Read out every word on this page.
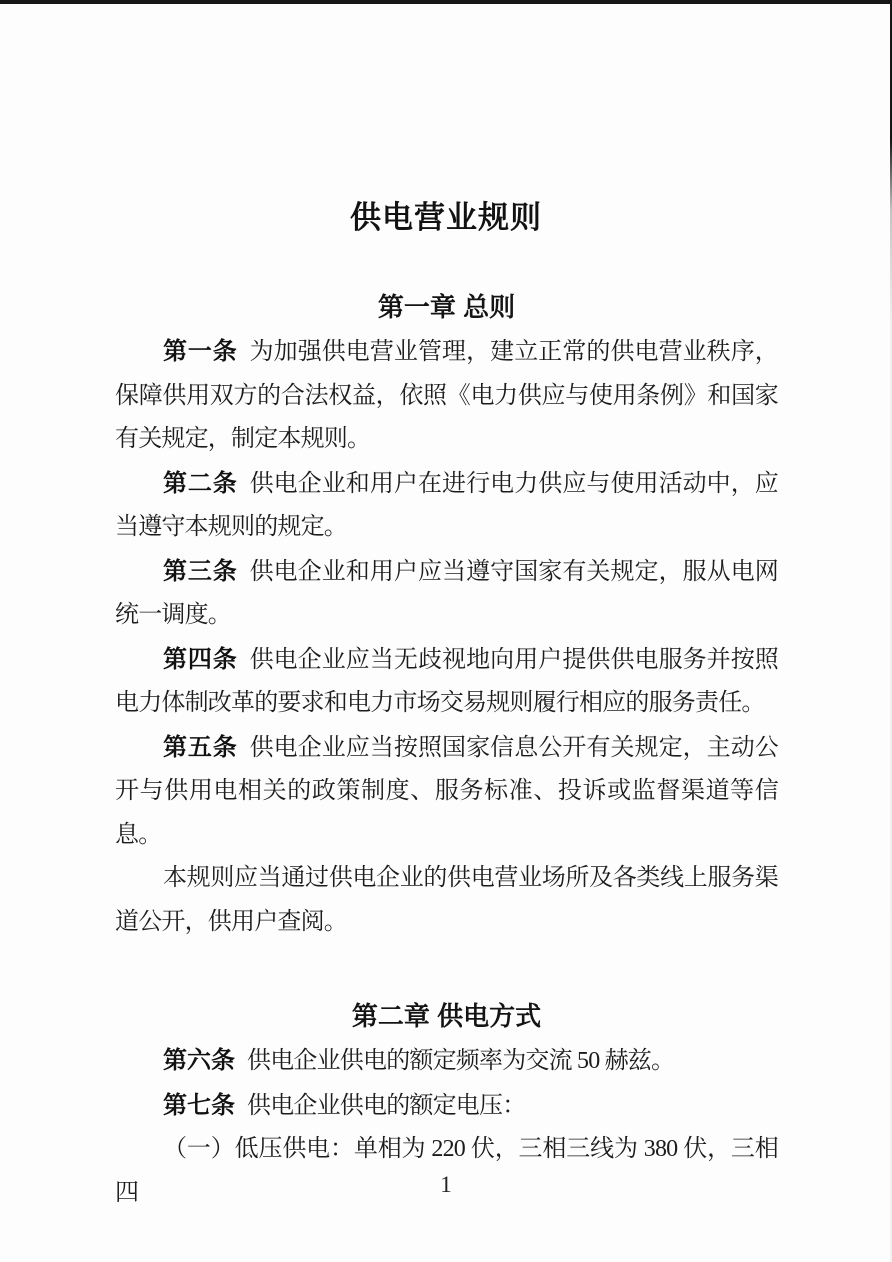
供电营业规则
第一章 总则

第一条 为加强供电营业管理，建立正常的供电营业秩序，保障供用双方的合法权益，依照《电力供应与使用条例》和国家有关规定，制定本规则。

第二条 供电企业和用户在进行电力供应与使用活动中，应当遵守本规则的规定。

第三条 供电企业和用户应当遵守国家有关规定，服从电网统一调度。

第四条 供电企业应当无歧视地向用户提供供电服务并按照电力体制改革的要求和电力市场交易规则履行相应的服务责任。

第五条 供电企业应当按照国家信息公开有关规定，主动公开与供用电相关的政策制度、服务标准、投诉或监督渠道等信息。

本规则应当通过供电企业的供电营业场所及各类线上服务渠道公开，供用户查阅。

第二章 供电方式

第六条 供电企业供电的额定频率为交流 50 赫兹。

第七条 供电企业供电的额定电压：

（一）低压供电：单相为 220 伏，三相三线为 380 伏，三相四	1
